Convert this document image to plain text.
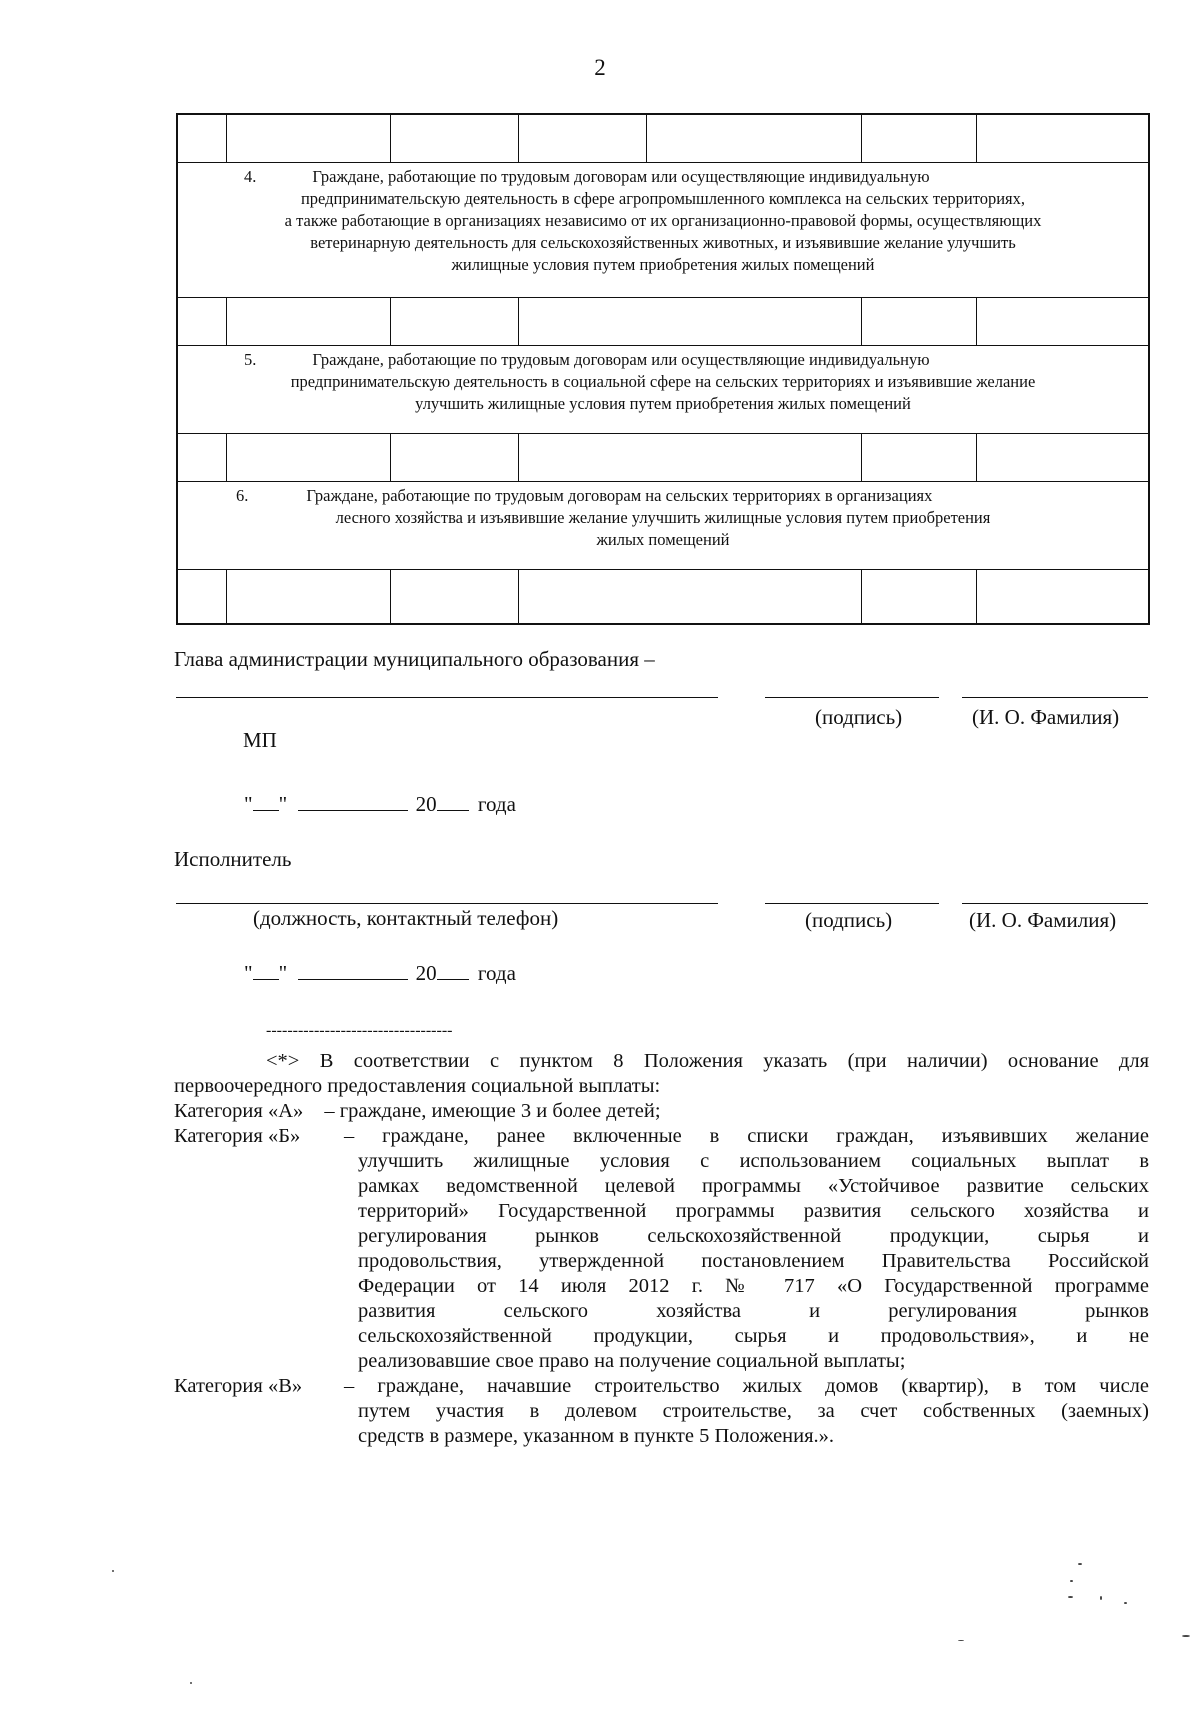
2
4.	Граждане, работающие по трудовым договорам или осуществляющие индивидуальную
предпринимательскую деятельность в сфере агропромышленного комплекса на сельских территориях,
а также работающие в организациях независимо от их организационно-правовой формы, осуществляющих
ветеринарную деятельность для сельскохозяйственных животных, и изъявившие желание улучшить
жилищные условия путем приобретения жилых помещений
5.	Граждане, работающие по трудовым договорам или осуществляющие индивидуальную
предпринимательскую деятельность в социальной сфере на сельских территориях и изъявившие желание
улучшить жилищные условия путем приобретения жилых помещений
6.	Граждане, работающие по трудовым договорам на сельских территориях в организациях
лесного хозяйства и изъявившие желание улучшить жилищные условия путем приобретения
жилых помещений
Глава администрации муниципального образования –
(подпись)	(И. О. Фамилия)
МП
" "	20 года
Исполнитель
(должность, контактный телефон)	(подпись)	(И. О. Фамилия)
" "	20 года
-----------------------------------
<*> В соответствии с пунктом 8 Положения указать (при наличии) основание для
первоочередного предоставления социальной выплаты:
Категория «А» – граждане, имеющие 3 и более детей;
Категория «Б» – граждане, ранее включенные в списки граждан, изъявивших желание
улучшить жилищные условия с использованием социальных выплат в
рамках ведомственной целевой программы «Устойчивое развитие сельских
территорий» Государственной программы развития сельского хозяйства и
регулирования рынков сельскохозяйственной продукции, сырья и
продовольствия, утвержденной постановлением Правительства Российской
Федерации от 14 июля 2012 г. № 717 «О Государственной программе
развития сельского хозяйства и регулирования рынков
сельскохозяйственной продукции, сырья и продовольствия», и не
реализовавшие свое право на получение социальной выплаты;
Категория «В» – граждане, начавшие строительство жилых домов (квартир), в том числе
путем участия в долевом строительстве, за счет собственных (заемных)
средств в размере, указанном в пункте 5 Положения.».
